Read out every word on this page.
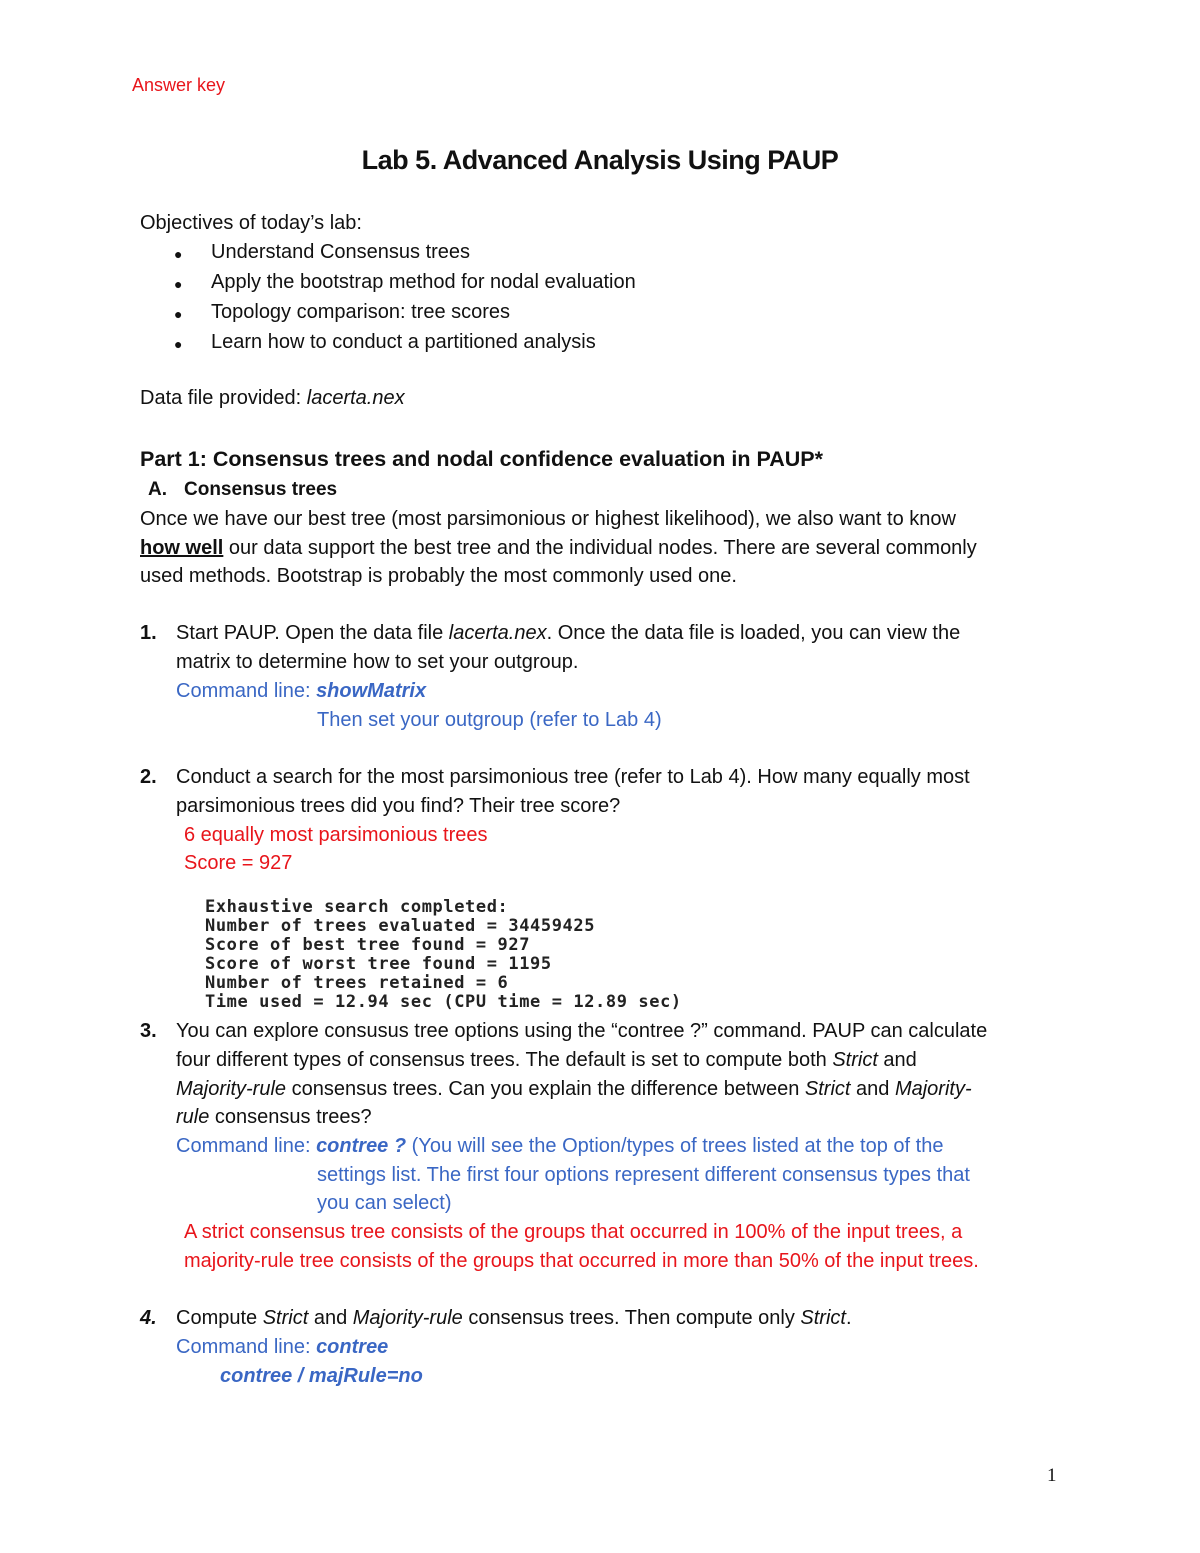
Answer key
Lab 5. Advanced Analysis Using PAUP
Objectives of today’s lab:
● Understand Consensus trees
● Apply the bootstrap method for nodal evaluation
● Topology comparison: tree scores
● Learn how to conduct a partitioned analysis
Data file provided: lacerta.nex
Part 1: Consensus trees and nodal confidence evaluation in PAUP*
A. Consensus trees
Once we have our best tree (most parsimonious or highest likelihood), we also want to know
how well our data support the best tree and the individual nodes. There are several commonly
used methods. Bootstrap is probably the most commonly used one.
1. Start PAUP. Open the data file lacerta.nex. Once the data file is loaded, you can view the
matrix to determine how to set your outgroup.
Command line: showMatrix
Then set your outgroup (refer to Lab 4)
2. Conduct a search for the most parsimonious tree (refer to Lab 4). How many equally most
parsimonious trees did you find? Their tree score?
6 equally most parsimonious trees
Score = 927
Exhaustive search completed:
Number of trees evaluated = 34459425
Score of best tree found = 927
Score of worst tree found = 1195
Number of trees retained = 6
Time used = 12.94 sec (CPU time = 12.89 sec)
3. You can explore consusus tree options using the “contree ?” command. PAUP can calculate
four different types of consensus trees. The default is set to compute both Strict and
Majority-rule consensus trees. Can you explain the difference between Strict and Majority-
rule consensus trees?
Command line: contree ? (You will see the Option/types of trees listed at the top of the
settings list. The first four options represent different consensus types that
you can select)
A strict consensus tree consists of the groups that occurred in 100% of the input trees, a
majority-rule tree consists of the groups that occurred in more than 50% of the input trees.
4. Compute Strict and Majority-rule consensus trees. Then compute only Strict.
Command line: contree
contree / majRule=no
1
